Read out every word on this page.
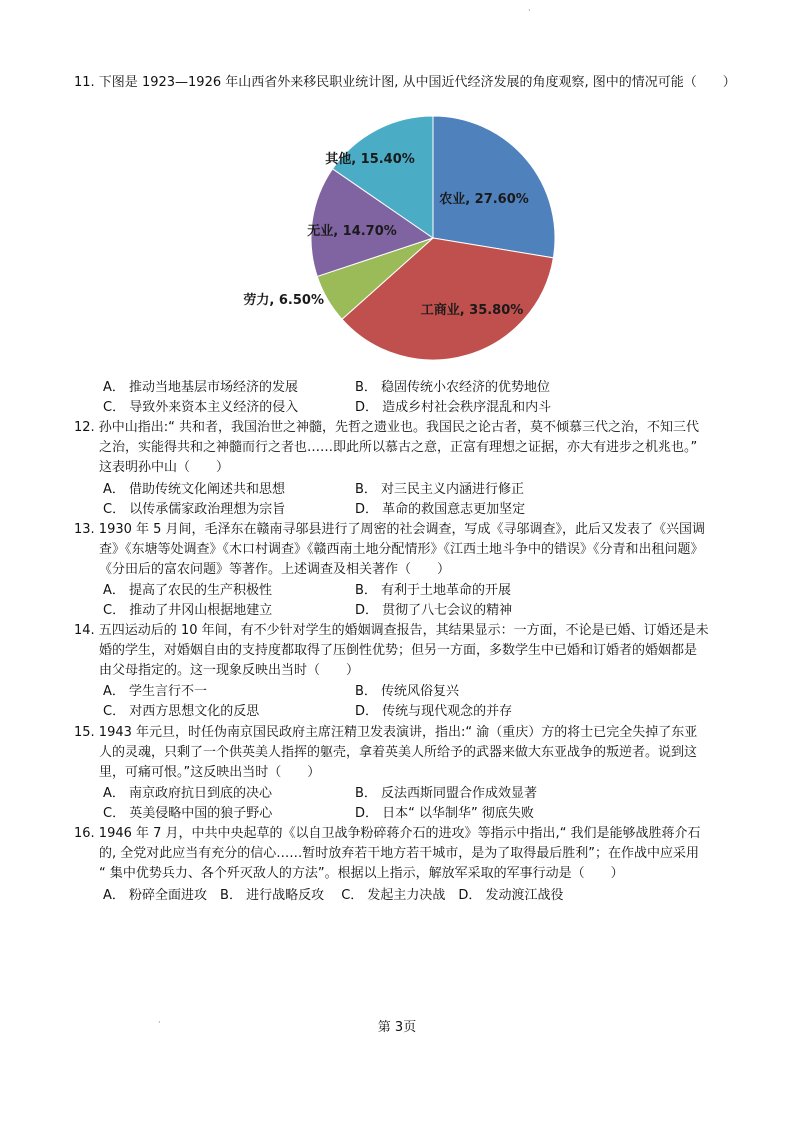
·
·
11. 下图是 1923—1926 年山西省外来移民职业统计图, 从中国近代经济发展的角度观察, 图中的情况可能（　　）
农业, 27.60%
工商业, 35.80%
劳力, 6.50%
无业, 14.70%
其他, 15.40%
A． 推动当地基层市场经济的发展	B． 稳固传统小农经济的优势地位
C． 导致外来资本主义经济的侵入	D． 造成乡村社会秩序混乱和内斗
12. 孙中山指出:“ 共和者，我国治世之神髓，先哲之遗业也。我国民之论古者，莫不倾慕三代之治，不知三代
之治，实能得共和之神髓而行之者也……即此所以慕古之意，正富有理想之证据，亦大有进步之机兆也。”
这表明孙中山（　　）
A． 借助传统文化阐述共和思想	B． 对三民主义内涵进行修正
C． 以传承儒家政治理想为宗旨	D． 革命的救国意志更加坚定
13. 1930 年 5 月间，毛泽东在赣南寻邬县进行了周密的社会调查，写成《寻邬调查》，此后又发表了《兴国调
查》《东塘等处调查》《木口村调查》《赣西南土地分配情形》《江西土地斗争中的错误》《分青和出租问题》
《分田后的富农问题》等著作。上述调查及相关著作（　　）
A． 提高了农民的生产积极性	B． 有利于土地革命的开展
C． 推动了井冈山根据地建立	D． 贯彻了八七会议的精神
14. 五四运动后的 10 年间，有不少针对学生的婚姻调查报告，其结果显示：一方面，不论是已婚、订婚还是未
婚的学生，对婚姻自由的支持度都取得了压倒性优势；但另一方面，多数学生中已婚和订婚者的婚姻都是
由父母指定的。这一现象反映出当时（　　）
A． 学生言行不一	B． 传统风俗复兴
C． 对西方思想文化的反思	D． 传统与现代观念的并存
15. 1943 年元旦，时任伪南京国民政府主席汪精卫发表演讲，指出:“ 渝（重庆）方的将士已完全失掉了东亚
人的灵魂，只剩了一个供英美人指挥的躯壳，拿着英美人所给予的武器来做大东亚战争的叛逆者。说到这
里，可痛可恨。”这反映出当时（　　）
A． 南京政府抗日到底的决心	B． 反法西斯同盟合作成效显著
C． 英美侵略中国的狼子野心	D． 日本“ 以华制华” 彻底失败
16. 1946 年 7 月，中共中央起草的《以自卫战争粉碎蒋介石的进攻》等指示中指出,“ 我们是能够战胜蒋介石
的, 全党对此应当有充分的信心……暂时放弃若干地方若干城市，是为了取得最后胜利”；在作战中应采用
“ 集中优势兵力、各个歼灭敌人的方法”。根据以上指示，解放军采取的军事行动是（　　）
A． 粉碎全面进攻　B． 进行战略反攻　 C． 发起主力决战　D． 发动渡江战役
第 3页
